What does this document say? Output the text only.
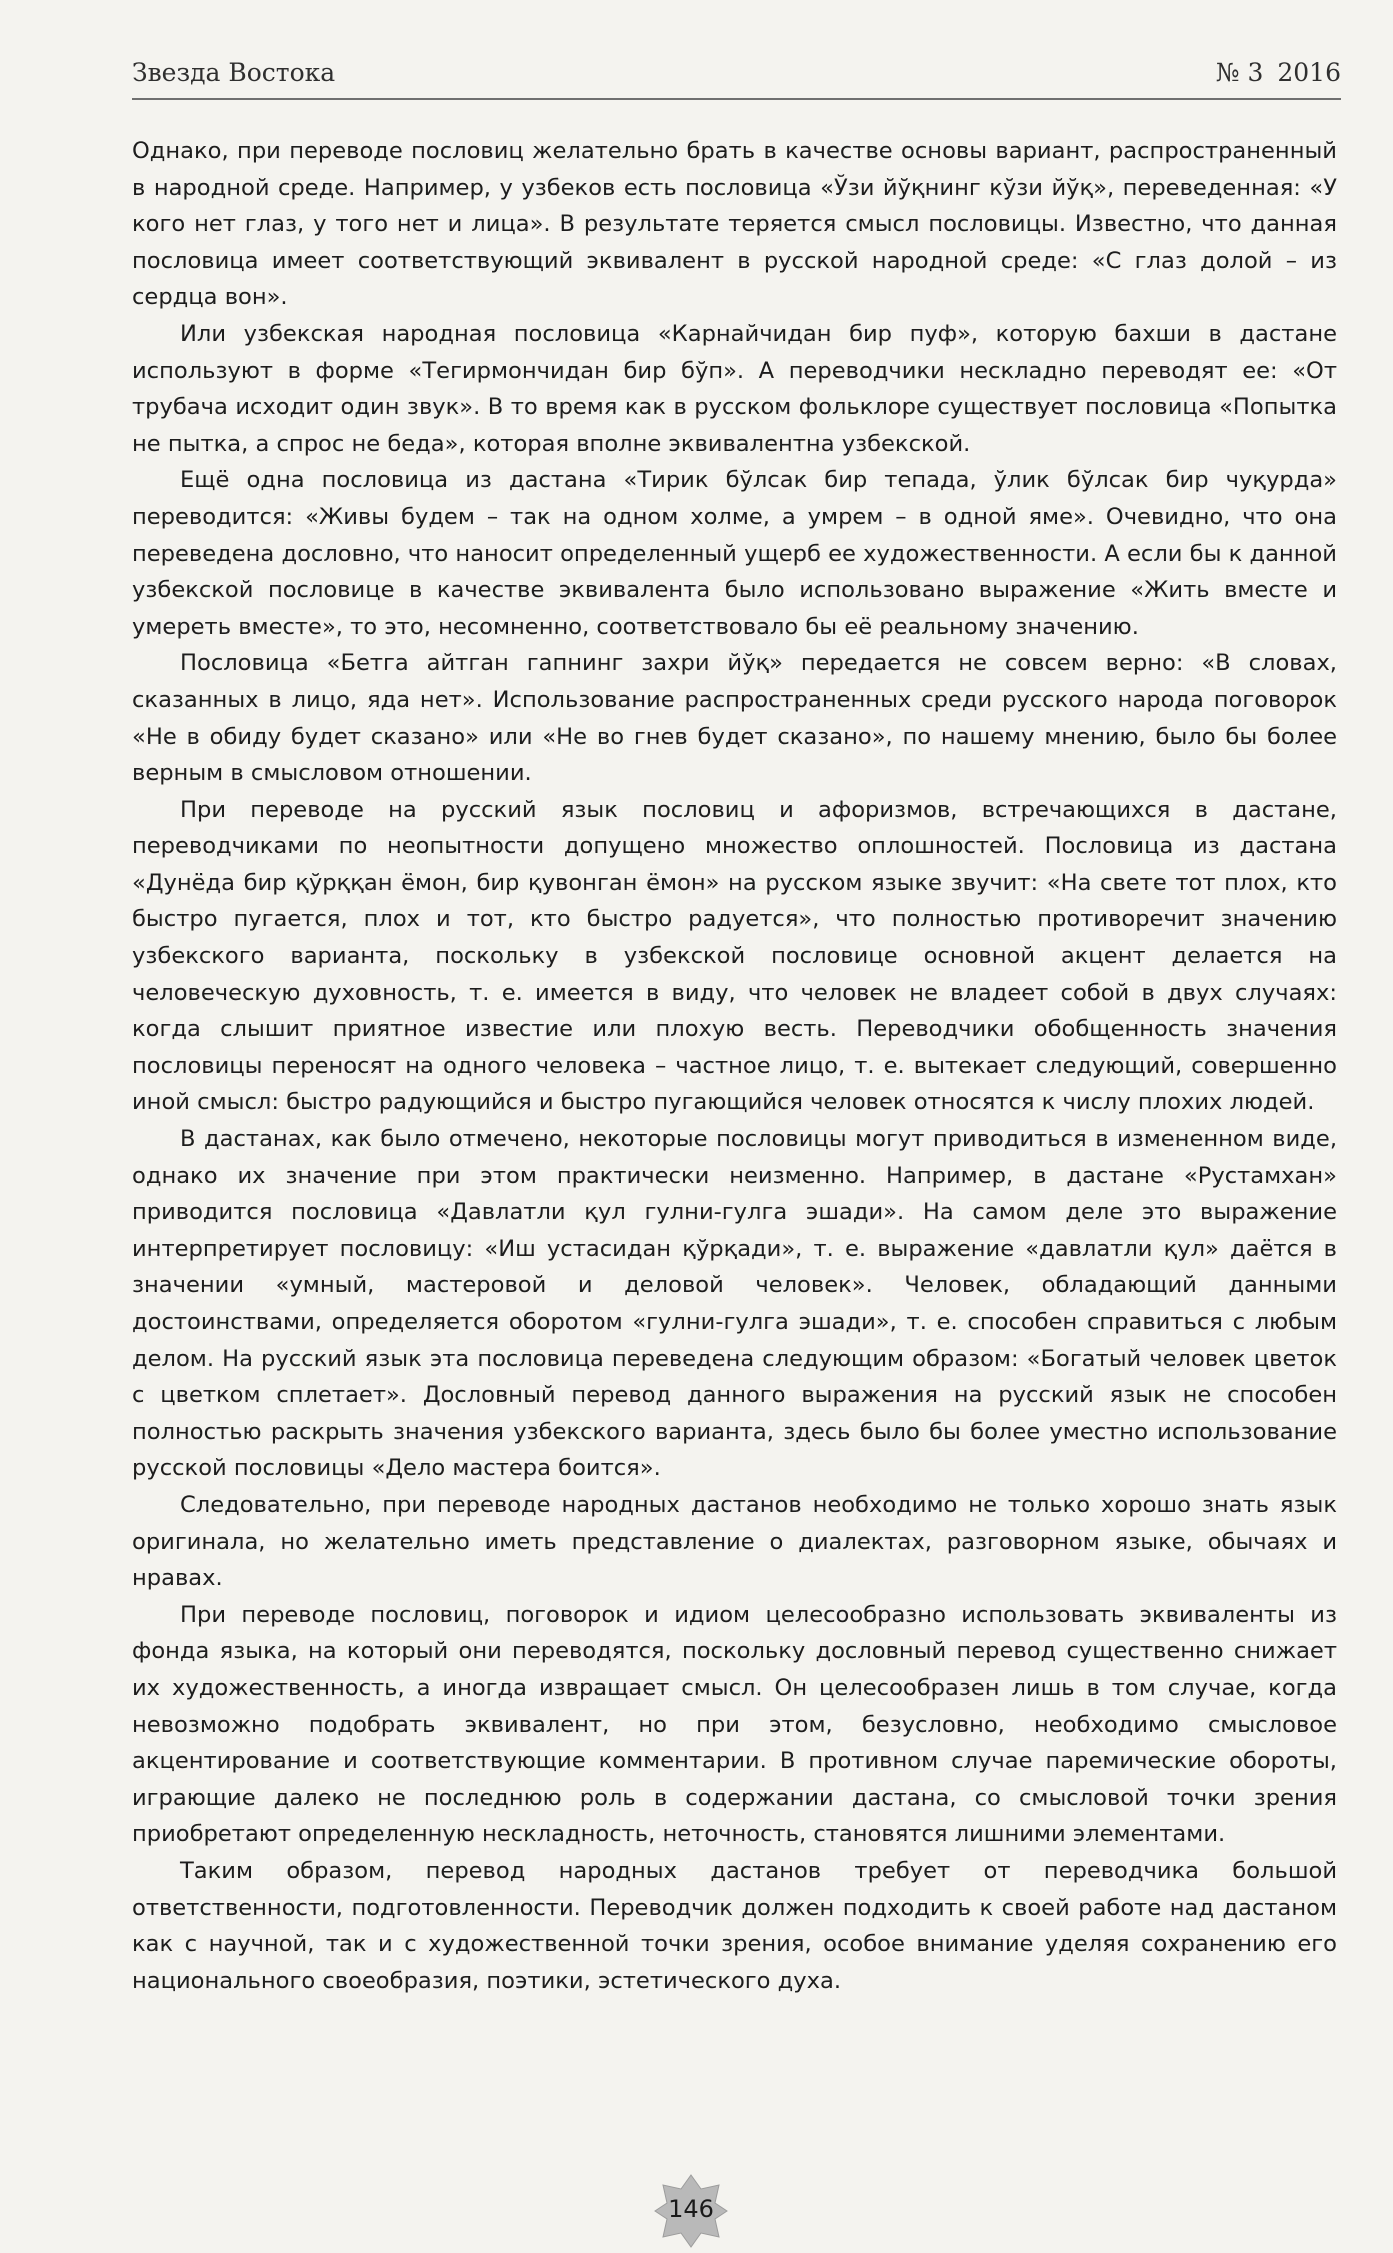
Звезда Востока	№ 3 2016

Однако, при переводе пословиц желательно брать в качестве основы вариант, распространенный в народной среде. Например, у узбеков есть пословица «Ўзи йўқнинг кўзи йўқ», переведенная: «У кого нет глаз, у того нет и лица». В результате теряется смысл пословицы. Известно, что данная пословица имеет соответствующий эквивалент в русской народной среде: «С глаз долой – из сердца вон».

Или узбекская народная пословица «Карнайчидан бир пуф», которую бахши в дастане используют в форме «Тегирмончидан бир бўп». А переводчики нескладно переводят ее: «От трубача исходит один звук». В то время как в русском фольклоре существует пословица «Попытка не пытка, а спрос не беда», которая вполне эквивалентна узбекской.

Ещё одна пословица из дастана «Тирик бўлсак бир тепада, ўлик бўлсак бир чуқурда» переводится: «Живы будем – так на одном холме, а умрем – в одной яме». Очевидно, что она переведена дословно, что наносит определенный ущерб ее художественности. А если бы к данной узбекской пословице в качестве эквивалента было использовано выражение «Жить вместе и умереть вместе», то это, несомненно, соответствовало бы её реальному значению.

Пословица «Бетга айтган гапнинг захри йўқ» передается не совсем верно: «В словах, сказанных в лицо, яда нет». Использование распространенных среди русского народа поговорок «Не в обиду будет сказано» или «Не во гнев будет сказано», по нашему мнению, было бы более верным в смысловом отношении.

При переводе на русский язык пословиц и афоризмов, встречающихся в дастане, переводчиками по неопытности допущено множество оплошностей. Пословица из дастана «Дунёда бир қўрққан ёмон, бир қувонган ёмон» на русском языке звучит: «На свете тот плох, кто быстро пугается, плох и тот, кто быстро радуется», что полностью противоречит значению узбекского варианта, поскольку в узбекской пословице основной акцент делается на человеческую духовность, т. е. имеется в виду, что человек не владеет собой в двух случаях: когда слышит приятное известие или плохую весть. Переводчики обобщенность значения пословицы переносят на одного человека – частное лицо, т. е. вытекает следующий, совершенно иной смысл: быстро радующийся и быстро пугающийся человек относятся к числу плохих людей.

В дастанах, как было отмечено, некоторые пословицы могут приводиться в измененном виде, однако их значение при этом практически неизменно. Например, в дастане «Рустамхан» приводится пословица «Давлатли қул гулни-гулга эшади». На самом деле это выражение интерпретирует пословицу: «Иш устасидан қўрқади», т. е. выражение «давлатли қул» даётся в значении «умный, мастеровой и деловой человек». Человек, обладающий данными достоинствами, определяется оборотом «гулни-гулга эшади», т. е. способен справиться с любым делом. На русский язык эта пословица переведена следующим образом: «Богатый человек цветок с цветком сплетает». Дословный перевод данного выражения на русский язык не способен полностью раскрыть значения узбекского варианта, здесь было бы более уместно использование русской пословицы «Дело мастера боится».

Следовательно, при переводе народных дастанов необходимо не только хорошо знать язык оригинала, но желательно иметь представление о диалектах, разговорном языке, обычаях и нравах.

При переводе пословиц, поговорок и идиом целесообразно использовать эквиваленты из фонда языка, на который они переводятся, поскольку дословный перевод существенно снижает их художественность, а иногда извращает смысл. Он целесообразен лишь в том случае, когда невозможно подобрать эквивалент, но при этом, безусловно, необходимо смысловое акцентирование и соответствующие комментарии. В противном случае паремические обороты, играющие далеко не последнюю роль в содержании дастана, со смысловой точки зрения приобретают определенную нескладность, неточность, становятся лишними элементами.

Таким образом, перевод народных дастанов требует от переводчика большой ответственности, подготовленности. Переводчик должен подходить к своей работе над дастаном как с научной, так и с художественной точки зрения, особое внимание уделяя сохранению его национального своеобразия, поэтики, эстетического духа.

146
